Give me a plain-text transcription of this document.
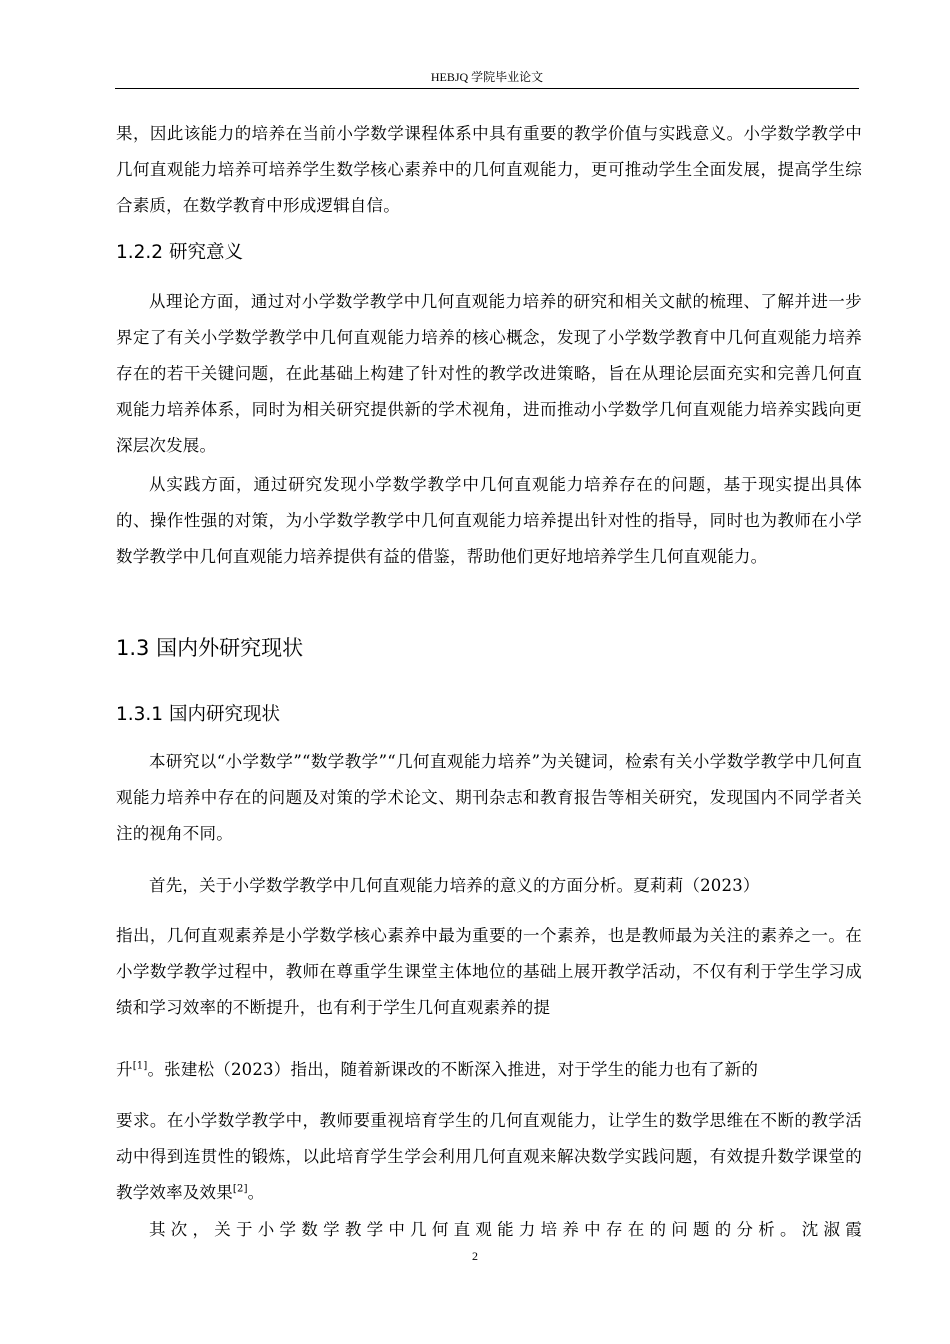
HEBJQ 学院毕业论文
果，因此该能力的培养在当前小学数学课程体系中具有重要的教学价值与实践意义。小学数学教学中几何直观能力培养可培养学生数学核心素养中的几何直观能力，更可推动学生全面发展，提高学生综合素质，在数学教育中形成逻辑自信。
1.2.2 研究意义
从理论方面，通过对小学数学教学中几何直观能力培养的研究和相关文献的梳理、了解并进一步界定了有关小学数学教学中几何直观能力培养的核心概念，发现了小学数学教育中几何直观能力培养存在的若干关键问题，在此基础上构建了针对性的教学改进策略，旨在从理论层面充实和完善几何直观能力培养体系，同时为相关研究提供新的学术视角，进而推动小学数学几何直观能力培养实践向更深层次发展。
从实践方面，通过研究发现小学数学教学中几何直观能力培养存在的问题，基于现实提出具体的、操作性强的对策，为小学数学教学中几何直观能力培养提出针对性的指导，同时也为教师在小学数学教学中几何直观能力培养提供有益的借鉴，帮助他们更好地培养学生几何直观能力。
1.3 国内外研究现状
1.3.1 国内研究现状
本研究以“小学数学”“数学教学”“几何直观能力培养”为关键词，检索有关小学数学教学中几何直观能力培养中存在的问题及对策的学术论文、期刊杂志和教育报告等相关研究，发现国内不同学者关注的视角不同。
首先，关于小学数学教学中几何直观能力培养的意义的方面分析。夏莉莉（2023）
指出，几何直观素养是小学数学核心素养中最为重要的一个素养，也是教师最为关注的素养之一。在小学数学教学过程中，教师在尊重学生课堂主体地位的基础上展开教学活动，不仅有利于学生学习成绩和学习效率的不断提升，也有利于学生几何直观素养的提
升[1]。张建松（2023）指出，随着新课改的不断深入推进，对于学生的能力也有了新的
要求。在小学数学教学中，教师要重视培育学生的几何直观能力，让学生的数学思维在不断的教学活动中得到连贯性的锻炼，以此培育学生学会利用几何直观来解决数学实践问题，有效提升数学课堂的教学效率及效果[2]。
其次，关于小学数学教学中几何直观能力培养中存在的问题的分析。沈淑霞
2
